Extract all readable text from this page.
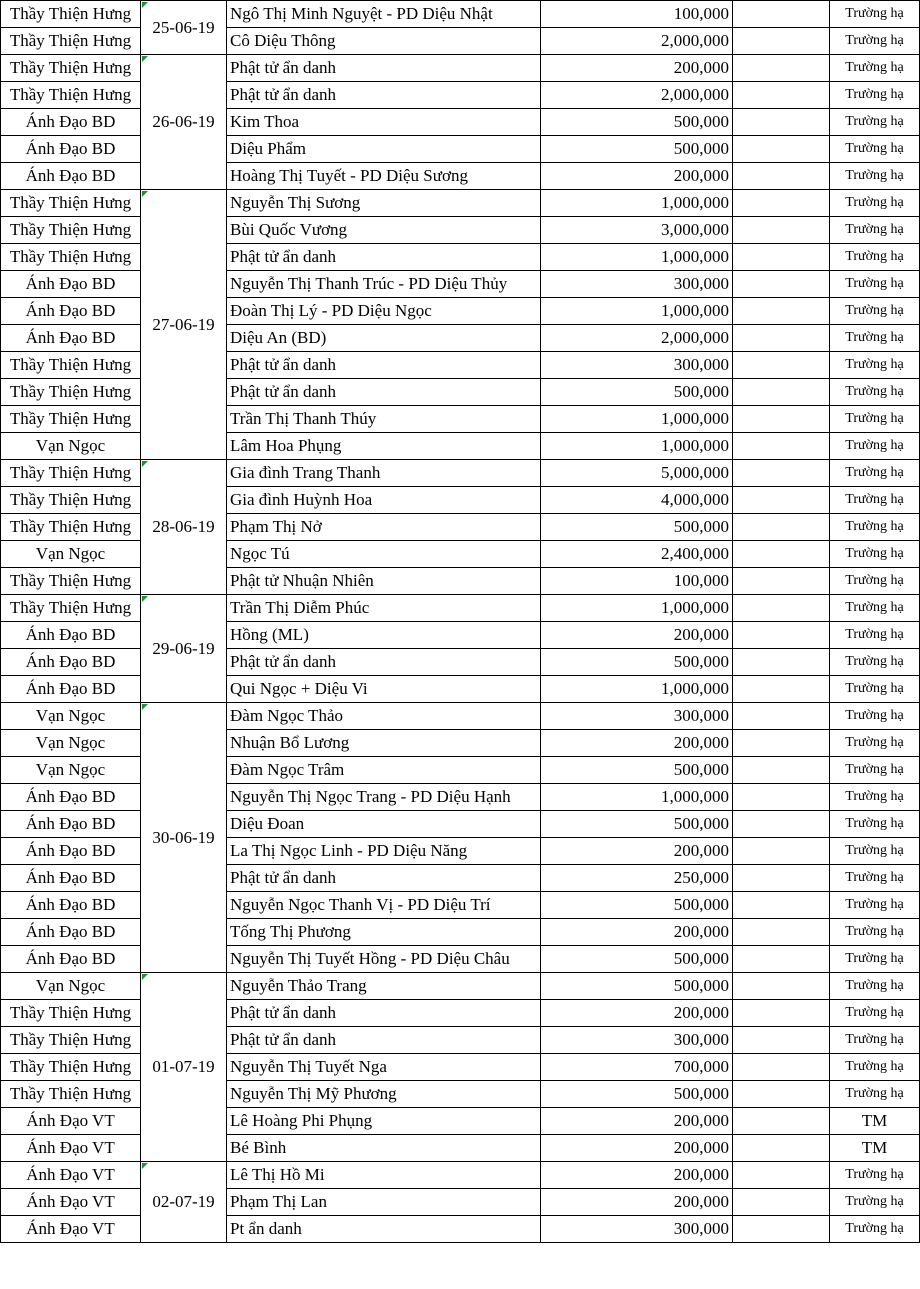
Thầy Thiện Hưng	25-06-19	Ngô Thị Minh Nguyệt - PD Diệu Nhật	100,000		Trường hạ
Thầy Thiện Hưng		Cô Diệu Thông	2,000,000		Trường hạ
Thầy Thiện Hưng	26-06-19	Phật tử ẩn danh	200,000		Trường hạ
Thầy Thiện Hưng		Phật tử ẩn danh	2,000,000		Trường hạ
Ánh Đạo BD		Kim Thoa	500,000		Trường hạ
Ánh Đạo BD		Diệu Phẩm	500,000		Trường hạ
Ánh Đạo BD		Hoàng Thị Tuyết - PD Diệu Sương	200,000		Trường hạ
Thầy Thiện Hưng	27-06-19	Nguyễn Thị Sương	1,000,000		Trường hạ
Thầy Thiện Hưng		Bùi Quốc Vương	3,000,000		Trường hạ
Thầy Thiện Hưng		Phật tử ẩn danh	1,000,000		Trường hạ
Ánh Đạo BD		Nguyễn Thị Thanh Trúc - PD Diệu Thủy	300,000		Trường hạ
Ánh Đạo BD		Đoàn Thị Lý - PD Diệu Ngọc	1,000,000		Trường hạ
Ánh Đạo BD		Diệu An (BD)	2,000,000		Trường hạ
Thầy Thiện Hưng		Phật tử ẩn danh	300,000		Trường hạ
Thầy Thiện Hưng		Phật tử ẩn danh	500,000		Trường hạ
Thầy Thiện Hưng		Trần Thị Thanh Thúy	1,000,000		Trường hạ
Vạn Ngọc		Lâm Hoa Phụng	1,000,000		Trường hạ
Thầy Thiện Hưng	28-06-19	Gia đình Trang Thanh	5,000,000		Trường hạ
Thầy Thiện Hưng		Gia đình Huỳnh Hoa	4,000,000		Trường hạ
Thầy Thiện Hưng		Phạm Thị Nở	500,000		Trường hạ
Vạn Ngọc		Ngọc Tú	2,400,000		Trường hạ
Thầy Thiện Hưng		Phật tử Nhuận Nhiên	100,000		Trường hạ
Thầy Thiện Hưng	29-06-19	Trần Thị Diễm Phúc	1,000,000		Trường hạ
Ánh Đạo BD		Hồng (ML)	200,000		Trường hạ
Ánh Đạo BD		Phật tử ẩn danh	500,000		Trường hạ
Ánh Đạo BD		Qui Ngọc + Diệu Vi	1,000,000		Trường hạ
Vạn Ngọc	30-06-19	Đàm Ngọc Thảo	300,000		Trường hạ
Vạn Ngọc		Nhuận Bổ Lương	200,000		Trường hạ
Vạn Ngọc		Đàm Ngọc Trâm	500,000		Trường hạ
Ánh Đạo BD		Nguyễn Thị Ngọc Trang - PD Diệu Hạnh	1,000,000		Trường hạ
Ánh Đạo BD		Diệu Đoan	500,000		Trường hạ
Ánh Đạo BD		La Thị Ngọc Linh - PD Diệu Năng	200,000		Trường hạ
Ánh Đạo BD		Phật tử ẩn danh	250,000		Trường hạ
Ánh Đạo BD		Nguyễn Ngọc Thanh Vị - PD Diệu Trí	500,000		Trường hạ
Ánh Đạo BD		Tống Thị Phương	200,000		Trường hạ
Ánh Đạo BD		Nguyễn Thị Tuyết Hồng - PD Diệu Châu	500,000		Trường hạ
Vạn Ngọc	01-07-19	Nguyễn Thảo Trang	500,000		Trường hạ
Thầy Thiện Hưng		Phật tử ẩn danh	200,000		Trường hạ
Thầy Thiện Hưng		Phật tử ẩn danh	300,000		Trường hạ
Thầy Thiện Hưng		Nguyễn Thị Tuyết Nga	700,000		Trường hạ
Thầy Thiện Hưng		Nguyễn Thị Mỹ Phương	500,000		Trường hạ
Ánh Đạo VT		Lê Hoàng Phi Phụng	200,000		TM
Ánh Đạo VT		Bé Bình	200,000		TM
Ánh Đạo VT	02-07-19	Lê Thị Hồ Mi	200,000		Trường hạ
Ánh Đạo VT		Phạm Thị Lan	200,000		Trường hạ
Ánh Đạo VT		Pt ẩn danh	300,000		Trường hạ
